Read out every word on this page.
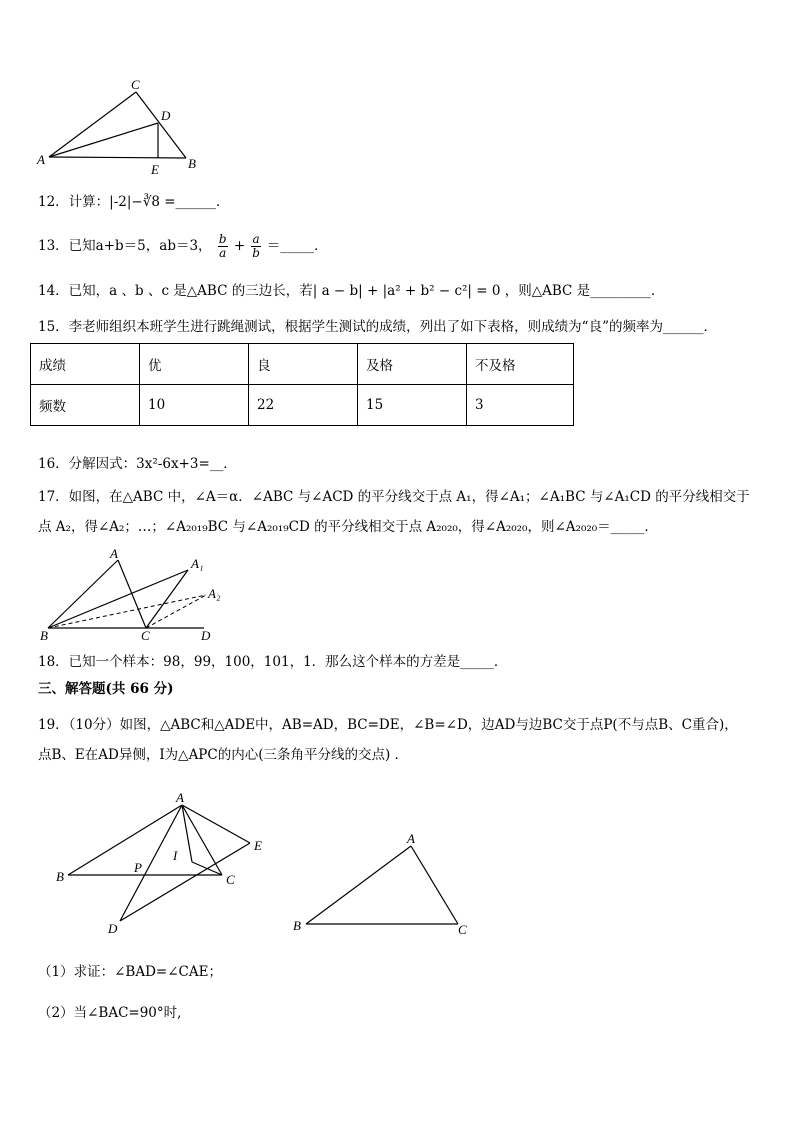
C
D
A	B
E
12．计算：|-2|−∛8 =______．
13．已知a+b＝5，ab＝3， $\frac{b}{a} + \frac{a}{b}$ ＝_____．
14．已知，a 、b 、c 是△ABC 的三边长，若| a − b| + |a² + b² − c²| = 0 ，则△ABC 是_________．
15．李老师组织本班学生进行跳绳测试，根据学生测试的成绩，列出了如下表格，则成绩为“良”的频率为______．
成绩	优	良	及格	不及格
频数	10	22	15	3
16．分解因式：3x²-6x+3=__．
17．如图，在△ABC 中，∠A＝α．∠ABC 与∠ACD 的平分线交于点 A₁，得∠A₁；∠A₁BC 与∠A₁CD 的平分线相交于
点 A₂，得∠A₂；…；∠A₂₀₁₉BC 与∠A₂₀₁₉CD 的平分线相交于点 A₂₀₂₀，得∠A₂₀₂₀，则∠A₂₀₂₀＝_____．
A
A₁
A₂
B	C	D
18．已知一个样本：98，99，100，101，1．那么这个样本的方差是_____．
三、解答题(共 66 分)
19．（10分）如图，△ABC和△ADE中，AB=AD，BC=DE，∠B=∠D，边AD与边BC交于点P(不与点B、C重合)，
点B、E在AD异侧，I为△APC的内心(三条角平分线的交点) ．
A
E
I
P
B	C
D
A
B	C
（1）求证：∠BAD=∠CAE；
（2）当∠BAC=90°时,
